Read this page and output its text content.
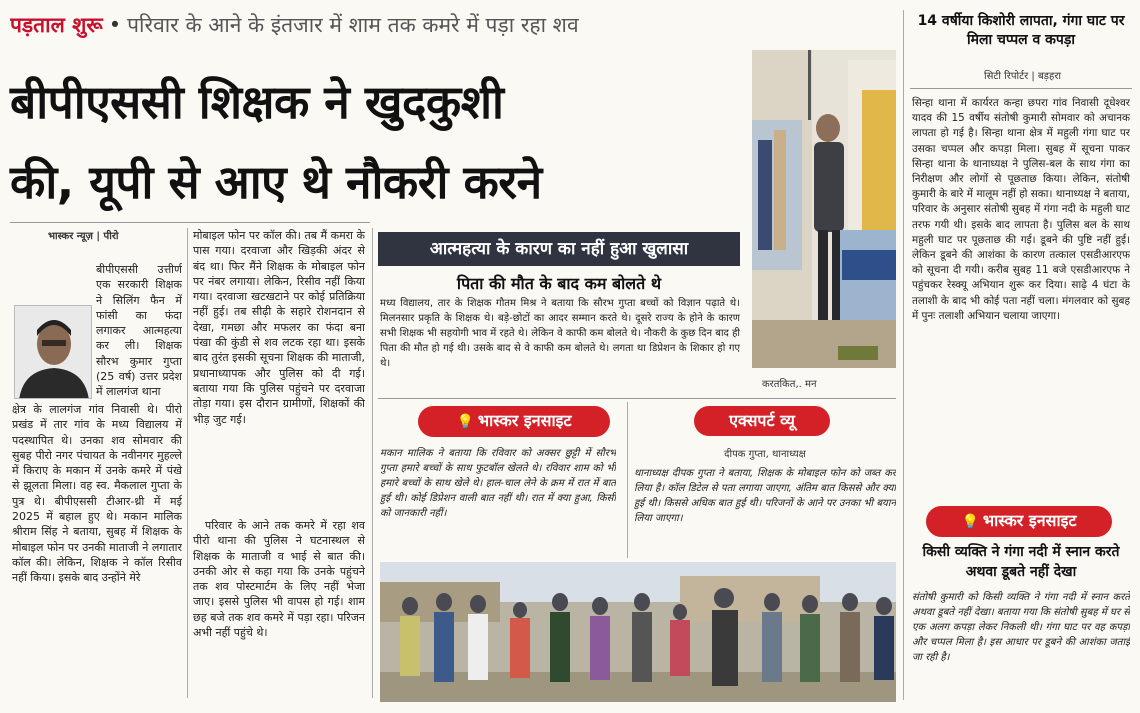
पड़ताल शुरू • परिवार के आने के इंतजार में शाम तक कमरे में पड़ा रहा शव
बीपीएससी शिक्षक ने खुदकुशी
की, यूपी से आए थे नौकरी करने
करतकित,. मन
भास्कर न्यूज़ | पीरो
बीपीएससी उत्तीर्ण एक सरकारी शिक्षक ने सिलिंग फैन में फांसी का फंदा लगाकर आत्महत्या कर ली। शिक्षक सौरभ कुमार गुप्ता (25 वर्ष) उत्तर प्रदेश में लालगंज थाना
क्षेत्र के लालगंज गांव निवासी थे। पीरो प्रखंड में तार गांव के मध्य विद्यालय में पदस्थापित थे। उनका शव सोमवार की सुबह पीरो नगर पंचायत के नवीनगर मुहल्ले में किराए के मकान में उनके कमरे में पंखे से झूलता मिला। वह स्व. मैकलाल गुप्ता के पुत्र थे। बीपीएससी टीआर-थ्री में मई 2025 में बहाल हुए थे। मकान मालिक श्रीराम सिंह ने बताया, सुबह में शिक्षक के मोबाइल फोन पर उनकी माताजी ने लगातार कॉल की। लेकिन, शिक्षक ने कॉल रिसीव नहीं किया। इसके बाद उन्होंने मेरे
मोबाइल फोन पर कॉल की। तब मैं कमरा के पास गया। दरवाजा और खिड़की अंदर से बंद था। फिर मैंने शिक्षक के मोबाइल फोन पर नंबर लगाया। लेकिन, रिसीव नहीं किया गया। दरवाजा खटखटाने पर कोई प्रतिक्रिया नहीं हुई। तब सीढ़ी के सहारे रोशनदान से देखा, गमछा और मफलर का फंदा बना पंखा की कुंडी से शव लटक रहा था। इसके बाद तुरंत इसकी सूचना शिक्षक की माताजी, प्रधानाध्यापक और पुलिस को दी गई। बताया गया कि पुलिस पहुंचने पर दरवाजा तोड़ा गया। इस दौरान ग्रामीणों, शिक्षकों की भीड़ जुट गई।
परिवार के आने तक कमरे में रहा शव पीरो थाना की पुलिस ने घटनास्थल से शिक्षक के माताजी व भाई से बात की। उनकी ओर से कहा गया कि उनके पहुंचने तक शव पोस्टमार्टम के लिए नहीं भेजा जाए। इससे पुलिस भी वापस हो गई। शाम छह बजे तक शव कमरे में पड़ा रहा। परिजन अभी नहीं पहुंचे थे।
आत्महत्या के कारण का नहीं हुआ खुलासा
पिता की मौत के बाद कम बोलते थे
मध्य विद्यालय, तार के शिक्षक गौतम मिश्र ने बताया कि सौरभ गुप्ता बच्चों को विज्ञान पढ़ाते थे। मिलनसार प्रकृति के शिक्षक थे। बड़े-छोटों का आदर सम्मान करते थे। दूसरे राज्य के होने के कारण सभी शिक्षक भी सहयोगी भाव में रहते थे। लेकिन वे काफी कम बोलते थे। नौकरी के कुछ दिन बाद ही पिता की मौत हो गई थी। उसके बाद से वे काफी कम बोलते थे। लगता था डिप्रेशन के शिकार हो गए थे।
💡 भास्कर इनसाइट
मकान मालिक ने बताया कि रविवार को अक्सर छुट्टी में सौरभ गुप्ता हमारे बच्चों के साथ फुटबॉल खेलते थे। रविवार शाम को भी हमारे बच्चों के साथ खेले थे। हाल-चाल लेने के क्रम में रात में बात हुई थी। कोई डिप्रेशन वाली बात नहीं थी। रात में क्या हुआ, किसी को जानकारी नहीं।
एक्सपर्ट व्यू
दीपक गुप्ता, थानाध्यक्ष
थानाध्यक्ष दीपक गुप्ता ने बताया, शिक्षक के मोबाइल फोन को जब्त कर लिया है। कॉल डिटेल से पता लगाया जाएगा, अंतिम बात किससे और क्या हुई थी। किससे अधिक बात हुई थी। परिजनों के आने पर उनका भी बयान लिया जाएगा।
14 वर्षीया किशोरी लापता, गंगा घाट पर मिला चप्पल व कपड़ा
सिटी रिपोर्टर | बड़हरा
सिन्हा थाना में कार्यरत कन्हा छपरा गांव निवासी दूधेश्वर यादव की 15 वर्षीय संतोषी कुमारी सोमवार को अचानक लापता हो गई है। सिन्हा थाना क्षेत्र में महुली गंगा घाट पर उसका चप्पल और कपड़ा मिला। सुबह में सूचना पाकर सिन्हा थाना के थानाध्यक्ष ने पुलिस-बल के साथ गंगा का निरीक्षण और लोगों से पूछताछ किया। लेकिन, संतोषी कुमारी के बारे में मालूम नहीं हो सका। थानाध्यक्ष ने बताया, परिवार के अनुसार संतोषी सुबह में गंगा नदी के महुली घाट तरफ गयी थी। इसके बाद लापता है। पुलिस बल के साथ महुली घाट पर पूछताछ की गई। डूबने की पुष्टि नहीं हुई। लेकिन डूबने की आशंका के कारण तत्काल एसडीआरएफ को सूचना दी गयी। करीब सुबह 11 बजे एसडीआरएफ ने पहुंचकर रेस्क्यू अभियान शुरू कर दिया। साढ़े 4 घंटा के तलाशी के बाद भी कोई पता नहीं चला। मंगलवार को सुबह में पुनः तलाशी अभियान चलाया जाएगा।
💡 भास्कर इनसाइट
किसी व्यक्ति ने गंगा नदी में स्नान करते अथवा डूबते नहीं देखा
संतोषी कुमारी को किसी व्यक्ति ने गंगा नदी में स्नान करते अथवा डूबते नहीं देखा। बताया गया कि संतोषी सुबह में घर से एक अलग कपड़ा लेकर निकली थी। गंगा घाट पर वह कपड़ा और चप्पल मिला है। इस आधार पर डूबने की आशंका जताई जा रही है।
